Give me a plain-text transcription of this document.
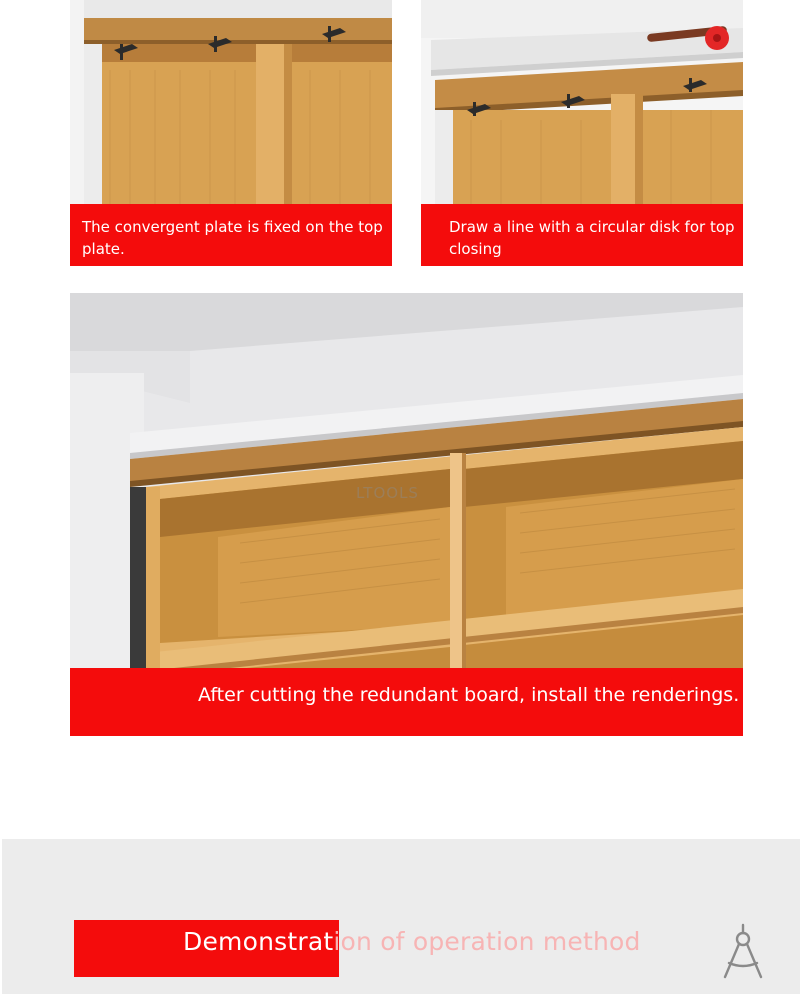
The convergent plate is fixed on the top plate.
Draw a line with a circular disk for top closing
After cutting the redundant board, install the renderings.
LTOOLS
Demonstration of operation method
